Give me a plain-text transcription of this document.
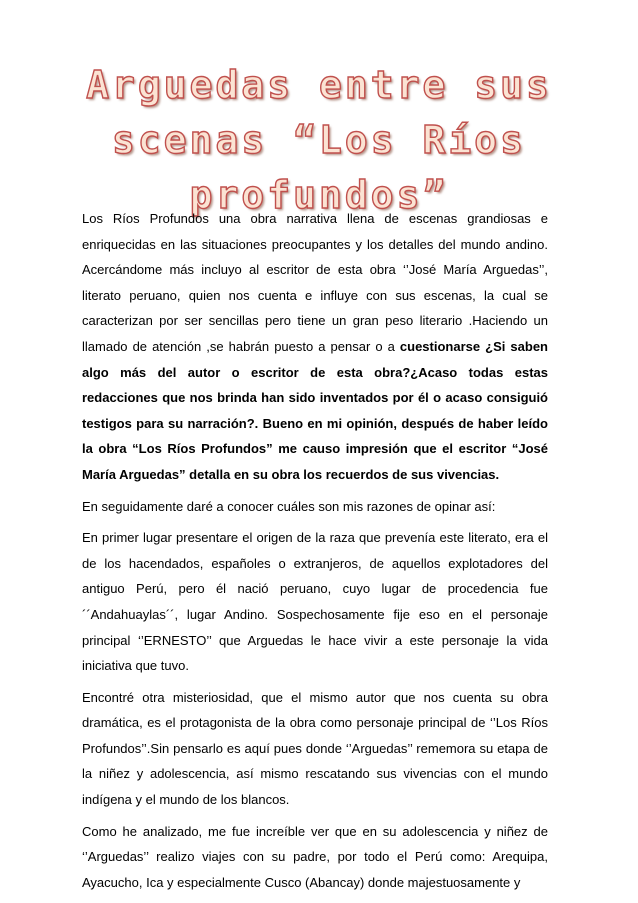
Arguedas entre sus
scenas “Los Ríos
profundos”

Los Ríos Profundos una obra narrativa llena de escenas grandiosas e enriquecidas en las situaciones preocupantes y los detalles del mundo andino. Acercándome más incluyo al escritor de esta obra ‘’José María Arguedas’’, literato peruano, quien nos cuenta e influye con sus escenas, la cual se caracterizan por ser sencillas pero tiene un gran peso literario .Haciendo un llamado de atención ,se habrán puesto a pensar o a cuestionarse ¿Si saben algo más del autor o escritor de esta obra?¿Acaso todas estas redacciones que nos brinda han sido inventados por él o acaso consiguió testigos para su narración?. Bueno en mi opinión, después de haber leído la obra “Los Ríos Profundos” me causo impresión que el escritor “José María Arguedas” detalla en su obra los recuerdos de sus vivencias.

En seguidamente daré a conocer cuáles son mis razones de opinar así:

En primer lugar presentare el origen de la raza que prevenía este literato, era el de los hacendados, españoles o extranjeros, de aquellos explotadores del antiguo Perú, pero él nació peruano, cuyo lugar de procedencia fue ´´Andahuaylas´´, lugar Andino. Sospechosamente fije eso en el personaje principal ‘’ERNESTO’’ que Arguedas le hace vivir a este personaje la vida iniciativa que tuvo.

Encontré otra misteriosidad, que el mismo autor que nos cuenta su obra dramática, es el protagonista de la obra como personaje principal de ‘’Los Ríos Profundos’’.Sin pensarlo es aquí pues donde ‘’Arguedas’’ rememora su etapa de la niñez y adolescencia, así mismo rescatando sus vivencias con el mundo indígena y el mundo de los blancos.

Como he analizado, me fue increíble ver que en su adolescencia y niñez de ‘’Arguedas’’ realizo viajes con su padre, por todo el Perú como: Arequipa, Ayacucho, Ica y especialmente Cusco (Abancay) donde majestuosamente y
